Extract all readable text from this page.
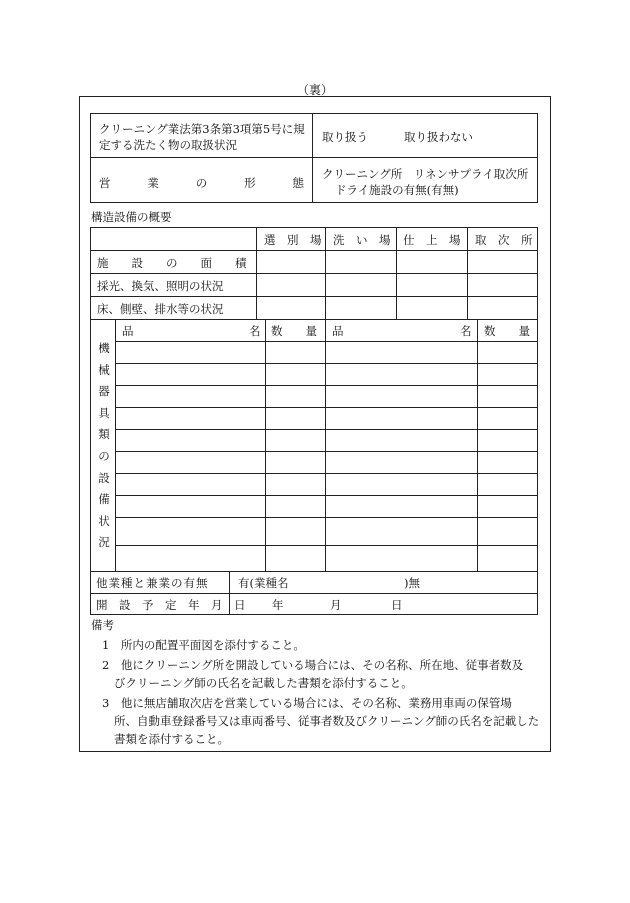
（裏）
クリーニング業法第3条第3項第5号に規
定する洗たく物の取扱状況
取り扱う	取り扱わない
営	業	の	形	態
クリーニング所　リネンサプライ取次所
ドライ施設の有無(有無)
構造設備の概要
選　別　場 洗　い　場 仕　上　場 取　次　所
施　　設　　の　　面　　積
採光、換気、照明の状況
床、側壁、排水等の状況
品	名 数　　量 品	名 数　　量
機
械
器
具
類
の
設
備
状
況
他業種と兼業の有無	有(業種名	)無
開　設　予　定　年　月　日 年	月	日
備考
1　所内の配置平面図を添付すること。
2　他にクリーニング所を開設している場合には、その名称、所在地、従事者数及
びクリーニング師の氏名を記載した書類を添付すること。
3　他に無店舗取次店を営業している場合には、その名称、業務用車両の保管場
所、自動車登録番号又は車両番号、従事者数及びクリーニング師の氏名を記載した
書類を添付すること。
